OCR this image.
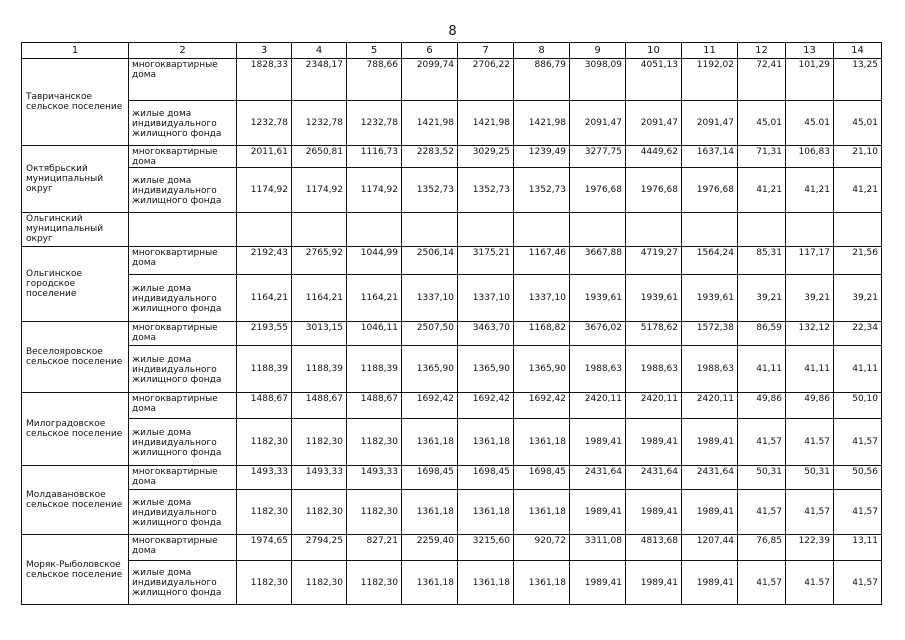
8
1	2	3	4	5	6	7	8	9	10	11	12	13	14
Тавричанское сельское поселение	многоквартирные дома	1828,33	2348,17	788,66	2099,74	2706,22	886,79	3098,09	4051,13	1192,02	72,41	101,29	13,25
	жилые дома индивидуального жилищного фонда	1232,78	1232,78	1232,78	1421,98	1421,98	1421,98	2091,47	2091,47	2091,47	45,01	45.01	45,01
Октябрьский муниципальный округ	многоквартирные дома	2011,61	2650,81	1116,73	2283,52	3029,25	1239,49	3277,75	4449,62	1637,14	71,31	106,83	21,10
	жилые дома индивидуального жилищного фонда	1174,92	1174,92	1174,92	1352,73	1352,73	1352,73	1976,68	1976,68	1976,68	41,21	41,21	41,21
Ольгинский муниципальный округ													
Ольгинское городское поселение	многоквартирные дома	2192,43	2765,92	1044,99	2506,14	3175,21	1167,46	3667,88	4719,27	1564,24	85,31	117,17	21,56
	жилые дома индивидуального жилищного фонда	1164,21	1164,21	1164,21	1337,10	1337,10	1337,10	1939,61	1939,61	1939,61	39,21	39,21	39,21
Веселояровское сельское поселение	многоквартирные дома	2193,55	3013,15	1046,11	2507,50	3463,70	1168,82	3676,02	5178,62	1572,38	86,59	132,12	22,34
	жилые дома индивидуального жилищного фонда	1188,39	1188,39	1188,39	1365,90	1365,90	1365,90	1988,63	1988,63	1988,63	41,11	41,11	41,11
Милоградовское сельское поселение	многоквартирные дома	1488,67	1488,67	1488,67	1692,42	1692,42	1692,42	2420,11	2420,11	2420,11	49,86	49,86	50,10
	жилые дома индивидуального жилищного фонда	1182,30	1182,30	1182,30	1361,18	1361,18	1361,18	1989,41	1989,41	1989,41	41,57	41.57	41,57
Молдавановское сельское поселение	многоквартирные дома	1493,33	1493,33	1493,33	1698,45	1698,45	1698,45	2431,64	2431,64	2431,64	50,31	50,31	50,56
	жилые дома индивидуального жилищного фонда	1182,30	1182,30	1182,30	1361,18	1361,18	1361,18	1989,41	1989,41	1989,41	41,57	41,57	41,57
Моряк-Рыболовское сельское поселение	многоквартирные дома	1974,65	2794,25	827,21	2259,40	3215,60	920,72	3311,08	4813,68	1207,44	76,85	122,39	13,11
	жилые дома индивидуального жилищного фонда	1182,30	1182,30	1182,30	1361,18	1361,18	1361,18	1989,41	1989,41	1989,41	41,57	41.57	41,57
